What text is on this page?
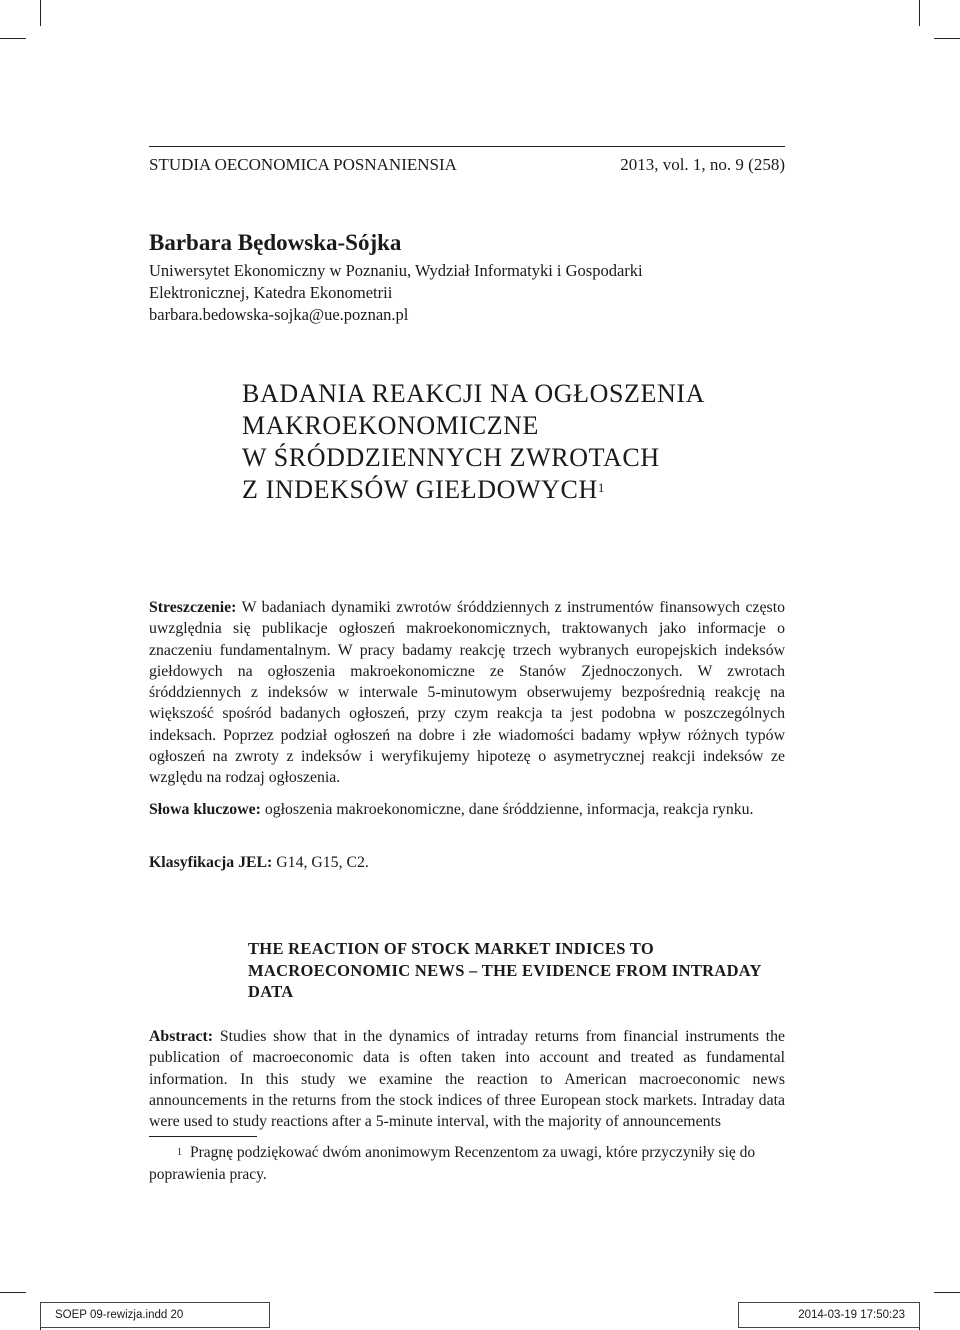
STUDIA OECONOMICA POSNANIENSIA	2013, vol. 1, no. 9 (258)
Barbara Będowska-Sójka
Uniwersytet Ekonomiczny w Poznaniu, Wydział Informatyki i Gospodarki
Elektronicznej, Katedra Ekonometrii
barbara.bedowska-sojka@ue.poznan.pl
BADANIA REAKCJI NA OGŁOSZENIA
MAKROEKONOMICZNE
W ŚRÓDDZIENNYCH ZWROTACH
Z INDEKSÓW GIEŁDOWYCH$^1$
Streszczenie: W badaniach dynamiki zwrotów śróddziennych z instrumentów finansowych często uwzględnia się publikacje ogłoszeń makroekonomicznych, traktowanych jako informacje o znaczeniu fundamentalnym. W pracy badamy reakcję trzech wybranych europejskich indeksów giełdowych na ogłoszenia makroekonomiczne ze Stanów Zjednoczonych. W zwrotach śróddziennych z indeksów w interwale 5-minutowym obserwujemy bezpośrednią reakcję na większość spośród badanych ogłoszeń, przy czym reakcja ta jest podobna w poszczególnych indeksach. Poprzez podział ogłoszeń na dobre i złe wiadomości badamy wpływ różnych typów ogłoszeń na zwroty z indeksów i weryfikujemy hipotezę o asymetrycznej reakcji indeksów ze względu na rodzaj ogłoszenia.
Słowa kluczowe: ogłoszenia makroekonomiczne, dane śróddzienne, informacja, reakcja rynku.
Klasyfikacja JEL: G14, G15, C2.
THE REACTION OF STOCK MARKET INDICES TO
MACROECONOMIC NEWS – THE EVIDENCE FROM INTRADAY
DATA
Abstract: Studies show that in the dynamics of intraday returns from financial instruments the publication of macroeconomic data is often taken into account and treated as fundamental information. In this study we examine the reaction to American macroeconomic news announcements in the returns from the stock indices of three European stock markets. Intraday data were used to study reactions after a 5-minute interval, with the majority of announcements
$^1$ Pragnę podziękować dwóm anonimowym Recenzentom za uwagi, które przyczyniły się do poprawienia pracy.
SOEP 09-rewizja.indd 20	2014-03-19 17:50:23
